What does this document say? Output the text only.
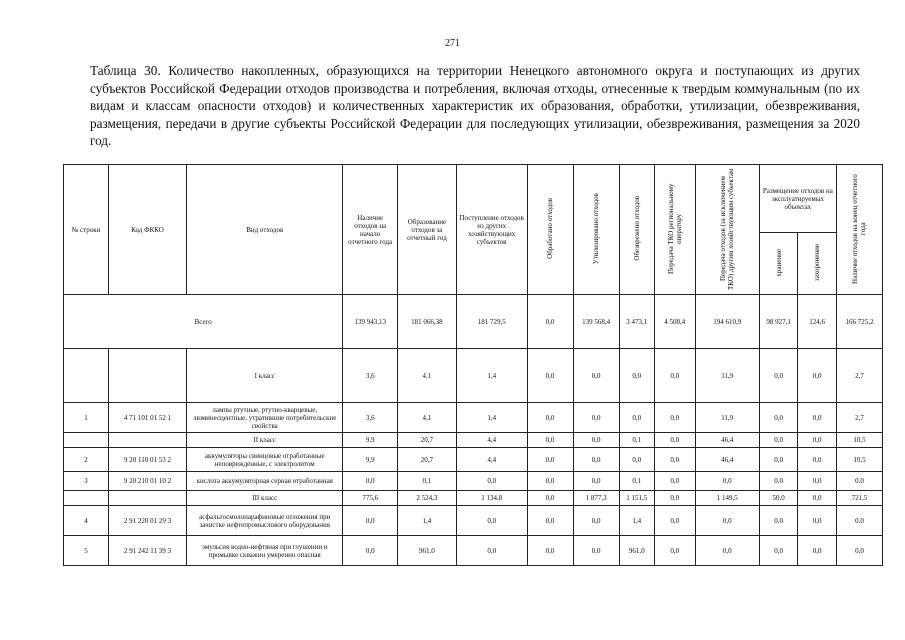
271
Таблица 30. Количество накопленных, образующихся на территории Ненецкого автономного округа и поступающих из других субъектов Российской Федерации отходов производства и потребления, включая отходы, отнесенные к твердым коммунальным (по их видам и классам опасности отходов) и количественных характеристик их образования, обработки, утилизации, обезвреживания, размещения, передачи в другие субъекты Российской Федерации для последующих утилизации, обезвреживания, размещения за 2020 год.
№ строки	Код ФККО	Вид отходов	Наличие отходов на начало отчетного года	Образование отходов за отчетный год	Поступление отходов из других хозяйствующих субъектов	Обработано отходов	Утилизировано отходов	Обезврежено отходов	Передача ТКО региональному оператору	Передача отходов (за исключением ТКО) другим хозяйствующим субъектам	Размещение отходов на эксплуатируемых объектах		Наличие отходов на конец отчетного года
											хранение	захоронение	
Всего			139 943,13	181 066,38	181 729,5	0,0	139 568,4	3 473,1	4 508,4	194 610,9	98 927,1	124,6	166 725,2
		I класс	3,6	4,1	1,4	0,0	0,0	0,0	0,0	11,9	0,0	0,0	2,7
1	4 71 101 01 52 1	лампы ртутные, ртутно-кварцевые, люминесцентные, утратившие потребительские свойства	3,6	4,1	1,4	0,0	0,0	0,0	0,0	11,9	0,0	0,0	2,7
		II класс	9,9	20,7	4,4	0,0	0,0	0,1	0,0	46,4	0,0	0,0	10,5
2	9 20 110 01 53 2	аккумуляторы свинцовые отработанные неповрежденные, с электролитом	9,9	20,7	4,4	0,0	0,0	0,0	0,0	46,4	0,0	0,0	10,5
3	9 20 210 01 10 2	кислота аккумуляторная серная отработанная	0,0	0,1	0,0	0,0	0,0	0,1	0,0	0,0	0,0	0,0	0,0
		III класс	775,6	2 524,3	1 134,8	0,0	1 877,3	1 151,5	0,0	1 149,5	50,0	0,0	721,5
4	2 91 220 01 29 3	асфальтосмолопарафиновые отложения при зачистке нефтепромыслового оборудования	0,0	1,4	0,0	0,0	0,0	1,4	0,0	0,0	0,0	0,0	0,0
5	2 91 242 11 39 3	эмульсия водно-нефтяная при глушении и промывке скважин умеренно опасная	0,0	961,0	0,0	0,0	0,0	961,0	0,0	0,0	0,0	0,0	0,0
